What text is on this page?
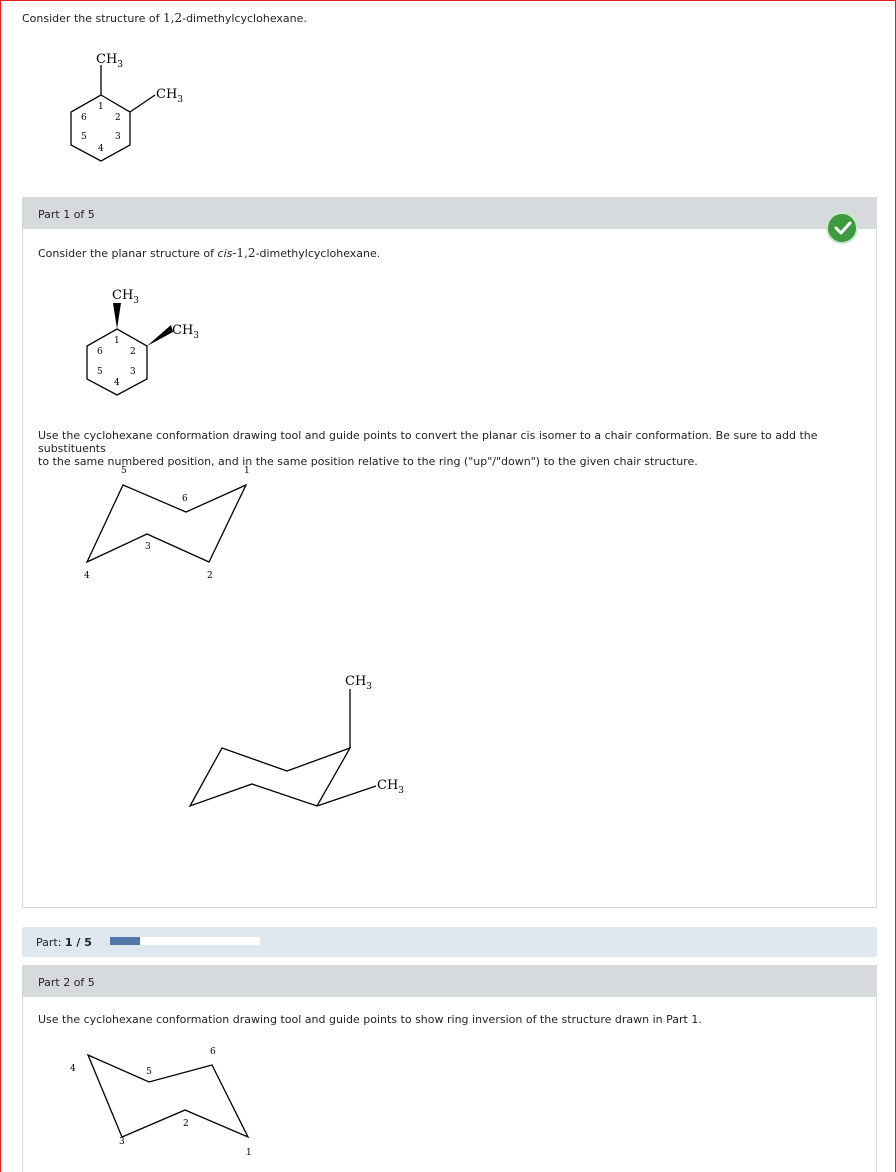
Consider the structure of 1,2-dimethylcyclohexane.
$CH_3$
$CH_3$
1
2
3
4
5
6
Part 1 of 5
Consider the planar structure of cis-1,2-dimethylcyclohexane.
$CH_3$
$CH_3$
1
2
3
4
5
6
Use the cyclohexane conformation drawing tool and guide points to convert the planar cis isomer to a chair conformation. Be sure to add the substituents
to the same numbered position, and in the same position relative to the ring ("up"/"down") to the given chair structure.
5	1
6
3
4	2
$CH_3$
$CH_3$
Part: 1 / 5
Part 2 of 5
Use the cyclohexane conformation drawing tool and guide points to show ring inversion of the structure drawn in Part 1.
4	5
6
2
3
1
